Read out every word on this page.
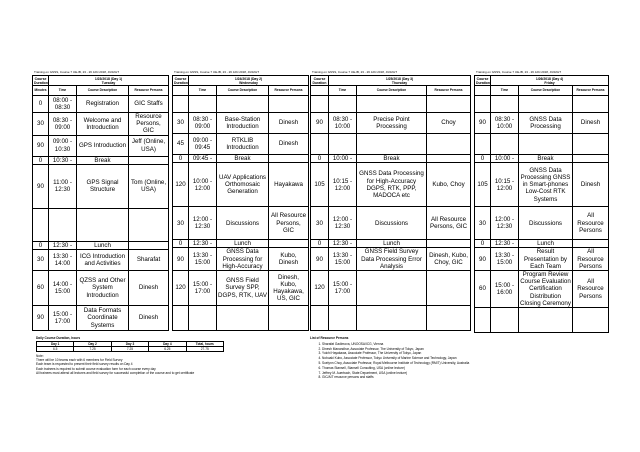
Training on GNSS, Course 7 UE-IB, 23 - 26 JAN 2018, JGS/IHT
Course Duration	1/23/2018 (Day 1)
Tuesday		

Minutes	Time	Course Description	Resource Persons
0	08:00 - 08:30	Registration	GIC Staffs
30	08:30 - 09:00	Welcome and Introduction	Resource Persons, GIC
90	09:00 - 10:30	GPS Introduction	Jeff (Online, USA)
0	10:30 -	Break	
90	11:00 - 12:30	GPS Signal Structure	Tom (Online, USA)

0	12:30 -	Lunch	
30	13:30 - 14:00	ICG Introduction and Activities	Sharafat
60	14:00 - 15:00	QZSS and Other System Introduction	Dinesh
90	15:00 - 17:00	Data Formats Coordinate Systems	Dinesh
Training on GNSS, Course 7 UE-IB, 23 - 26 JAN 2018, JGS/IHT
Course Duration	1/24/2018 (Day 2)
Wednesday		

	Time	Course Description	Resource Persons

30	08:30 - 09:00	Base-Station Introduction	Dinesh
45	09:00 - 09:45	RTKLIB Introduction	Dinesh
0	09:45 -	Break	
120	10:00 - 12:00	UAV Applications Orthomosaic Generation	Hayakawa
30	12:00 - 12:30	Discussions	All Resource Persons, GIC
0	12:30 -	Lunch	
90	13:30 - 15:00	GNSS Data Processing for High-Accuracy	Kubo, Dinesh
120	15:00 - 17:00	GNSS Field Survey SPP, DGPS, RTK, UAV	Dinesh, Kubo, Hayakawa, US, GIC

Training on GNSS, Course 7 UE-IB, 23 - 26 JAN 2018, JGS/IHT
Course Duration	1/25/2018 (Day 3)
Thursday		

	Time	Course Description	Resource Persons

90	08:30 - 10:00	Precise Point Processing	Choy

0	10:00 -	Break	
105	10:15 - 12:00	GNSS Data Processing for High-Accuracy DGPS, RTK, PPP, MADOCA etc	Kubo, Choy
30	12:00 - 12:30	Discussions	All Resource Persons, GIC
0	12:30 -	Lunch	
90	13:30 - 15:00	GNSS Field Survey Data Processing Error Analysis	Dinesh, Kubo, Choy, GIC
120	15:00 - 17:00		

Training on GNSS, Course 7 UE-IB, 23 - 26 JAN 2018, JGS/IHT
Course Duration	1/26/2018 (Day 4)
Friday		

	Time	Course Description	Resource Persons

90	08:30 - 10:00	GNSS Data Processing	Dinesh

0	10:00 -	Break	
105	10:15 - 12:00	GNSS Data Processing GNSS in Smart-phones Low-Cost RTK Systems	Dinesh
30	12:00 - 12:30	Discussions	All Resource Persons
0	12:30 -	Lunch	
90	13:30 - 15:00	Result Presentation by Each Team	All Resource Persons
60	15:00 - 16:00	Program Review Course Evaluation Certification Distribution Closing Ceremony	All Resource Persons

Daily Course Duration, hours
Day 1	Day 2	Day 3	Day 4	Total, hours
6.5	7.25	7.25	6.25	27.75
Note:
There will be 10 teams each with 6 members for Field Survey
Each team is requested to present their field survey results on Day 4
Each trainees is required to submit course evaluation form for each course every day
All trainees must attend all lectures and field survey for successful completion of the course and to get certificate
List of Resource Persons
1. Sharafat Gadimova, UNOOSA/ICG, Vienna
2. Dinesh Manandhar, Associate Professor, The University of Tokyo, Japan
3. Yuichi Hayakawa, Associate Professor, The University of Tokyo, Japan
4. Nobuaki Kubo, Associate Professor, Tokyo University of Marine Science and Technology, Japan
5. Suelynn Choy, Associate Professor, Royal Melbourne Institute of Technology (RMIT) University, Australia
6. Thomas Stansell, Stansell Consulting, USA (online lecture)
7. Jeffrey M. Auerbach, State Department, USA (online lecture)
8. GIC/AIT resource persons and staffs
